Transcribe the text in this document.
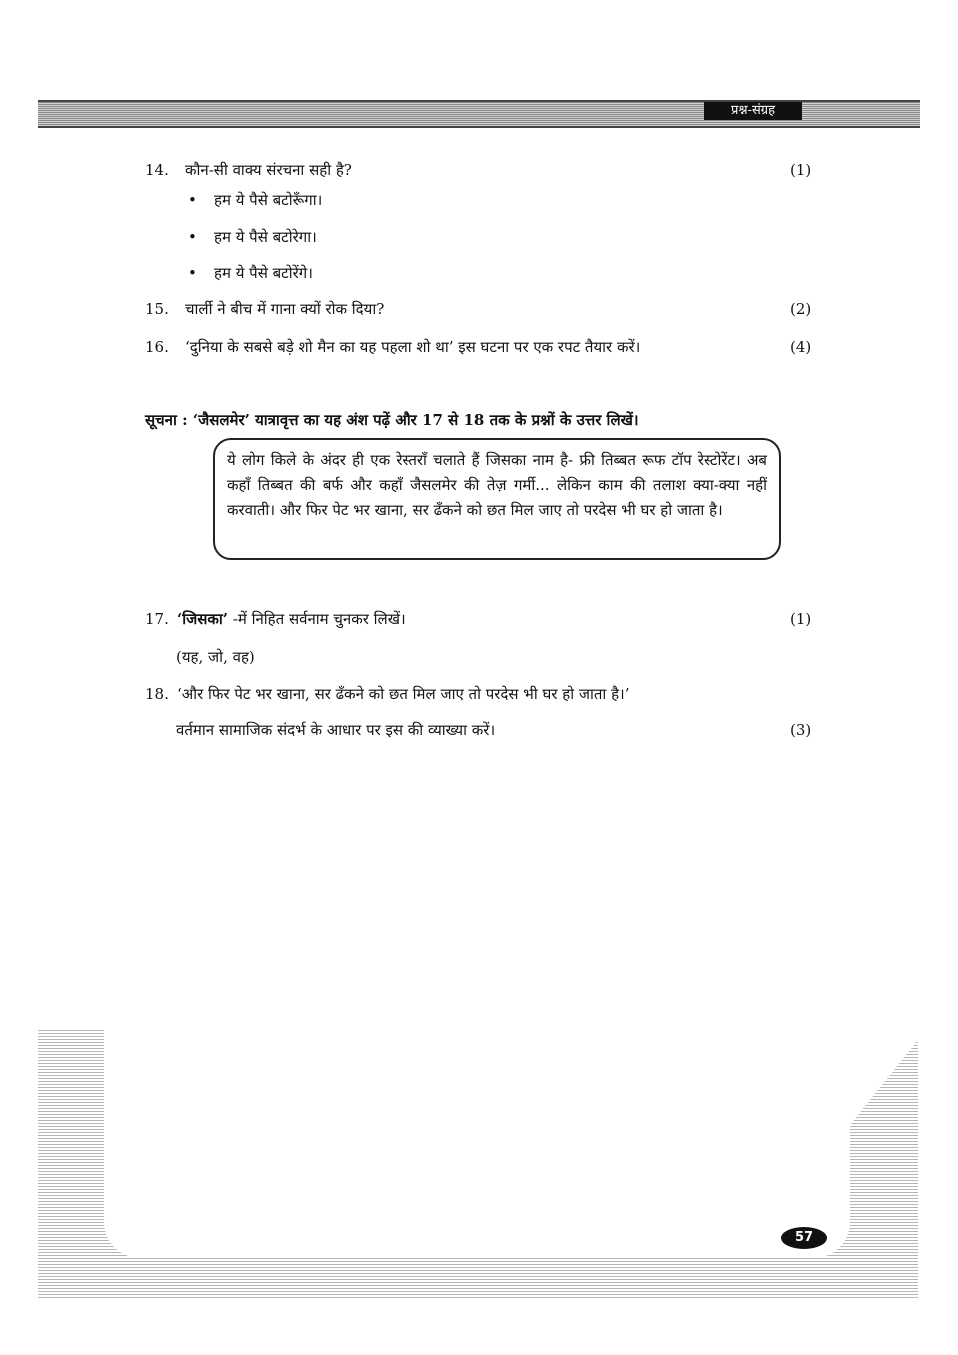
प्रश्न-संग्रह
14. कौन-सी वाक्य संरचना सही है?	(1)
• हम ये पैसे बटोरूँगा।
• हम ये पैसे बटोरेगा।
• हम ये पैसे बटोरेंगे।
15. चार्ली ने बीच में गाना क्यों रोक दिया?	(2)
16. ‘दुनिया के सबसे बड़े शो मैन का यह पहला शो था’ इस घटना पर एक रपट तैयार करें।	(4)
सूचना : ‘जैसलमेर’ यात्रावृत्त का यह अंश पढ़ें और 17 से 18 तक के प्रश्नों के उत्तर लिखें।
ये लोग किले के अंदर ही एक रेस्तराँ चलाते हैं जिसका नाम है- फ्री तिब्बत रूफ टॉप रेस्टोरेंट। अब कहाँ तिब्बत की बर्फ और कहाँ जैसलमेर की तेज़ गर्मी... लेकिन काम की तलाश क्या-क्या नहीं करवाती। और फिर पेट भर खाना, सर ढँकने को छत मिल जाए तो परदेस भी घर हो जाता है।
17. ‘जिसका’ -में निहित सर्वनाम चुनकर लिखें।	(1)
(यह, जो, वह)
18. ‘और फिर पेट भर खाना, सर ढँकने को छत मिल जाए तो परदेस भी घर हो जाता है।’
वर्तमान सामाजिक संदर्भ के आधार पर इस की व्याख्या करें।	(3)
57
